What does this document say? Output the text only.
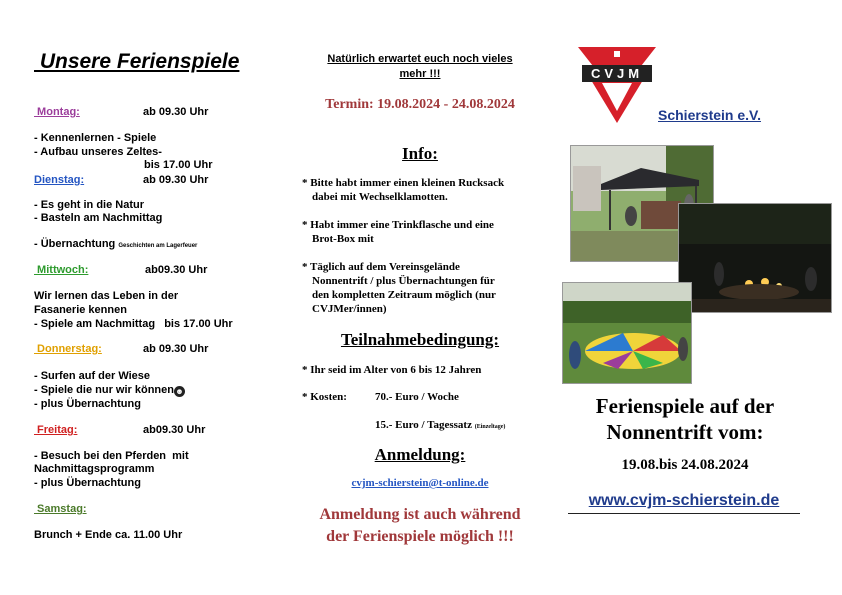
Unsere Ferienspiele
Montag:	ab 09.30 Uhr
- Kennenlernen - Spiele
- Aufbau unseres Zeltes-
bis 17.00 Uhr
Dienstag:	ab 09.30 Uhr
- Es geht in die Natur
- Basteln am Nachmittag
- Übernachtung Geschichten am Lagerfeuer
Mittwoch:	ab09.30 Uhr
Wir lernen das Leben in der
Fasanerie kennen
- Spiele am Nachmittag   bis 17.00 Uhr
Donnerstag:	ab 09.30 Uhr
- Surfen auf der Wiese
- Spiele die nur wir können☻
- plus Übernachtung
Freitag:	ab09.30 Uhr
- Besuch bei den Pferden  mit
Nachmittagsprogramm
- plus Übernachtung
Samstag:
Brunch + Ende ca. 11.00 Uhr
Natürlich erwartet euch noch vieles
mehr !!!
Termin: 19.08.2024 - 24.08.2024
Info:
* Bitte habt immer einen kleinen Rucksack
dabei mit Wechselklamotten.
* Habt immer eine Trinkflasche und eine
Brot-Box mit
* Täglich auf dem Vereinsgelände
Nonnentrift / plus Übernachtungen für
den kompletten Zeitraum möglich (nur
CVJMer/innen)
Teilnahmebedingung:
* Ihr seid im Alter von 6 bis 12 Jahren
* Kosten:	70.- Euro / Woche
15.- Euro / Tagessatz (Einzeltage)
Anmeldung:
cvjm-schierstein@t-online.de
Anmeldung ist auch während
der Ferienspiele möglich !!!
CVJM
Schierstein e.V.
Ferienspiele auf der
Nonnentrift vom:
19.08.bis 24.08.2024
www.cvjm-schierstein.de
